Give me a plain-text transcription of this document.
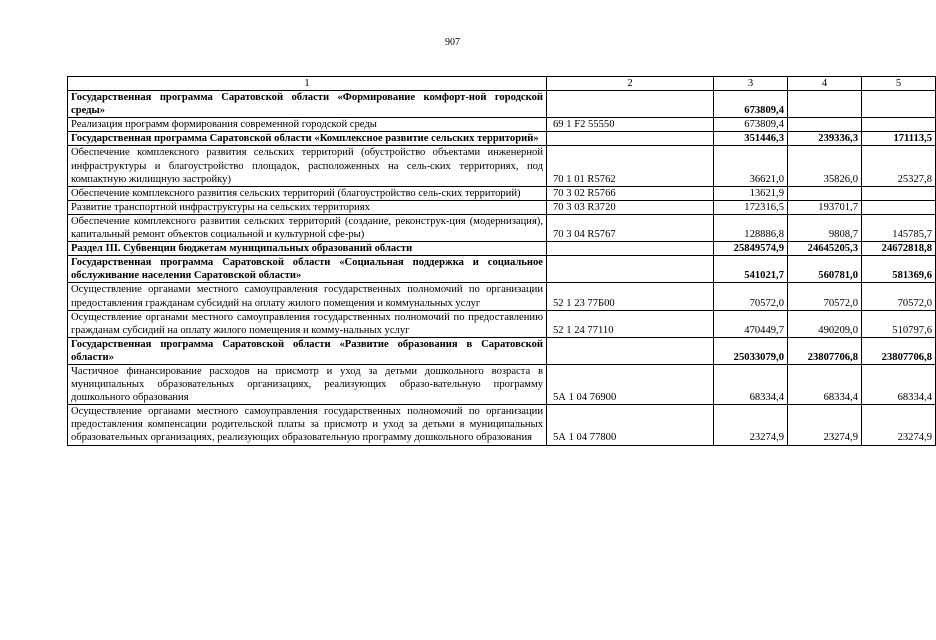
907
1	2	3	4	5
Государственная программа Саратовской области «Формирование комфорт-ной городской среды»		673809,4		
Реализация программ формирования современной городской среды	69 1 F2 55550	673809,4		
Государственная программа Саратовской области «Комплексное развитие сельских территорий»		351446,3	239336,3	171113,5
Обеспечение комплексного развития сельских территорий (обустройство объектами инженерной инфраструктуры и благоустройство площадок, расположенных на сель-ских территориях, под компактную жилищную застройку)	70 1 01 R5762	36621,0	35826,0	25327,8
Обеспечение комплексного развития сельских территорий (благоустройство сель-ских территорий)	70 3 02 R5766	13621,9		
Развитие транспортной инфраструктуры на сельских территориях	70 3 03 R3720	172316,5	193701,7	
Обеспечение комплексного развития сельских территорий (создание, реконструк-ция (модернизация), капитальный ремонт объектов социальной и культурной сфе-ры)	70 3 04 R5767	128886,8	9808,7	145785,7
Раздел III. Субвенции бюджетам муниципальных образований области		25849574,9	24645205,3	24672818,8
Государственная программа Саратовской области «Социальная поддержка и социальное обслуживание населения Саратовской области»		541021,7	560781,0	581369,6
Осуществление органами местного самоуправления государственных полномочий по организации предоставления гражданам субсидий на оплату жилого помещения и коммунальных услуг	52 1 23 77Б00	70572,0	70572,0	70572,0
Осуществление органами местного самоуправления государственных полномочий по предоставлению гражданам субсидий на оплату жилого помещения и комму-нальных услуг	52 1 24 77110	470449,7	490209,0	510797,6
Государственная программа Саратовской области «Развитие образования в Саратовской области»		25033079,0	23807706,8	23807706,8
Частичное финансирование расходов на присмотр и уход за детьми дошкольного возраста в муниципальных образовательных организациях, реализующих образо-вательную программу дошкольного образования	5А 1 04 76900	68334,4	68334,4	68334,4
Осуществление органами местного самоуправления государственных полномочий по организации предоставления компенсации родительской платы за присмотр и уход за детьми в муниципальных образовательных организациях, реализующих образовательную программу дошкольного образования	5А 1 04 77800	23274,9	23274,9	23274,9
